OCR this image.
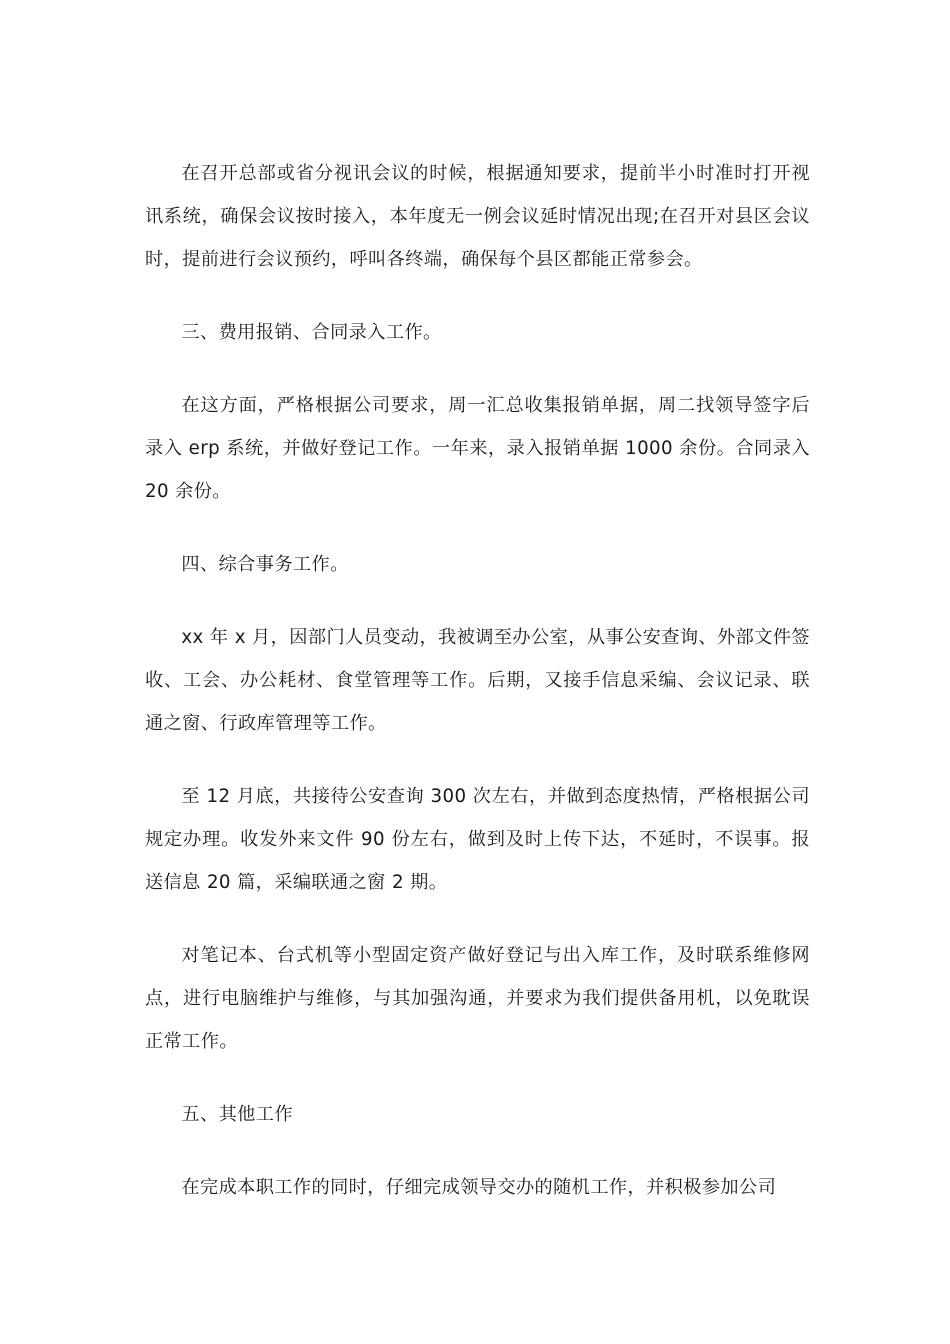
在召开总部或省分视讯会议的时候，根据通知要求，提前半小时准时打开视讯系统，确保会议按时接入，本年度无一例会议延时情况出现;在召开对县区会议时，提前进行会议预约，呼叫各终端，确保每个县区都能正常参会。

三、费用报销、合同录入工作。

在这方面，严格根据公司要求，周一汇总收集报销单据，周二找领导签字后录入 erp 系统，并做好登记工作。一年来，录入报销单据 1000 余份。合同录入 20 余份。

四、综合事务工作。

xx 年 x 月，因部门人员变动，我被调至办公室，从事公安查询、外部文件签收、工会、办公耗材、食堂管理等工作。后期，又接手信息采编、会议记录、联通之窗、行政库管理等工作。

至 12 月底，共接待公安查询 300 次左右，并做到态度热情，严格根据公司规定办理。收发外来文件 90 份左右，做到及时上传下达，不延时，不误事。报送信息 20 篇，采编联通之窗 2 期。

对笔记本、台式机等小型固定资产做好登记与出入库工作，及时联系维修网点，进行电脑维护与维修，与其加强沟通，并要求为我们提供备用机，以免耽误正常工作。

五、其他工作

在完成本职工作的同时，仔细完成领导交办的随机工作，并积极参加公司
